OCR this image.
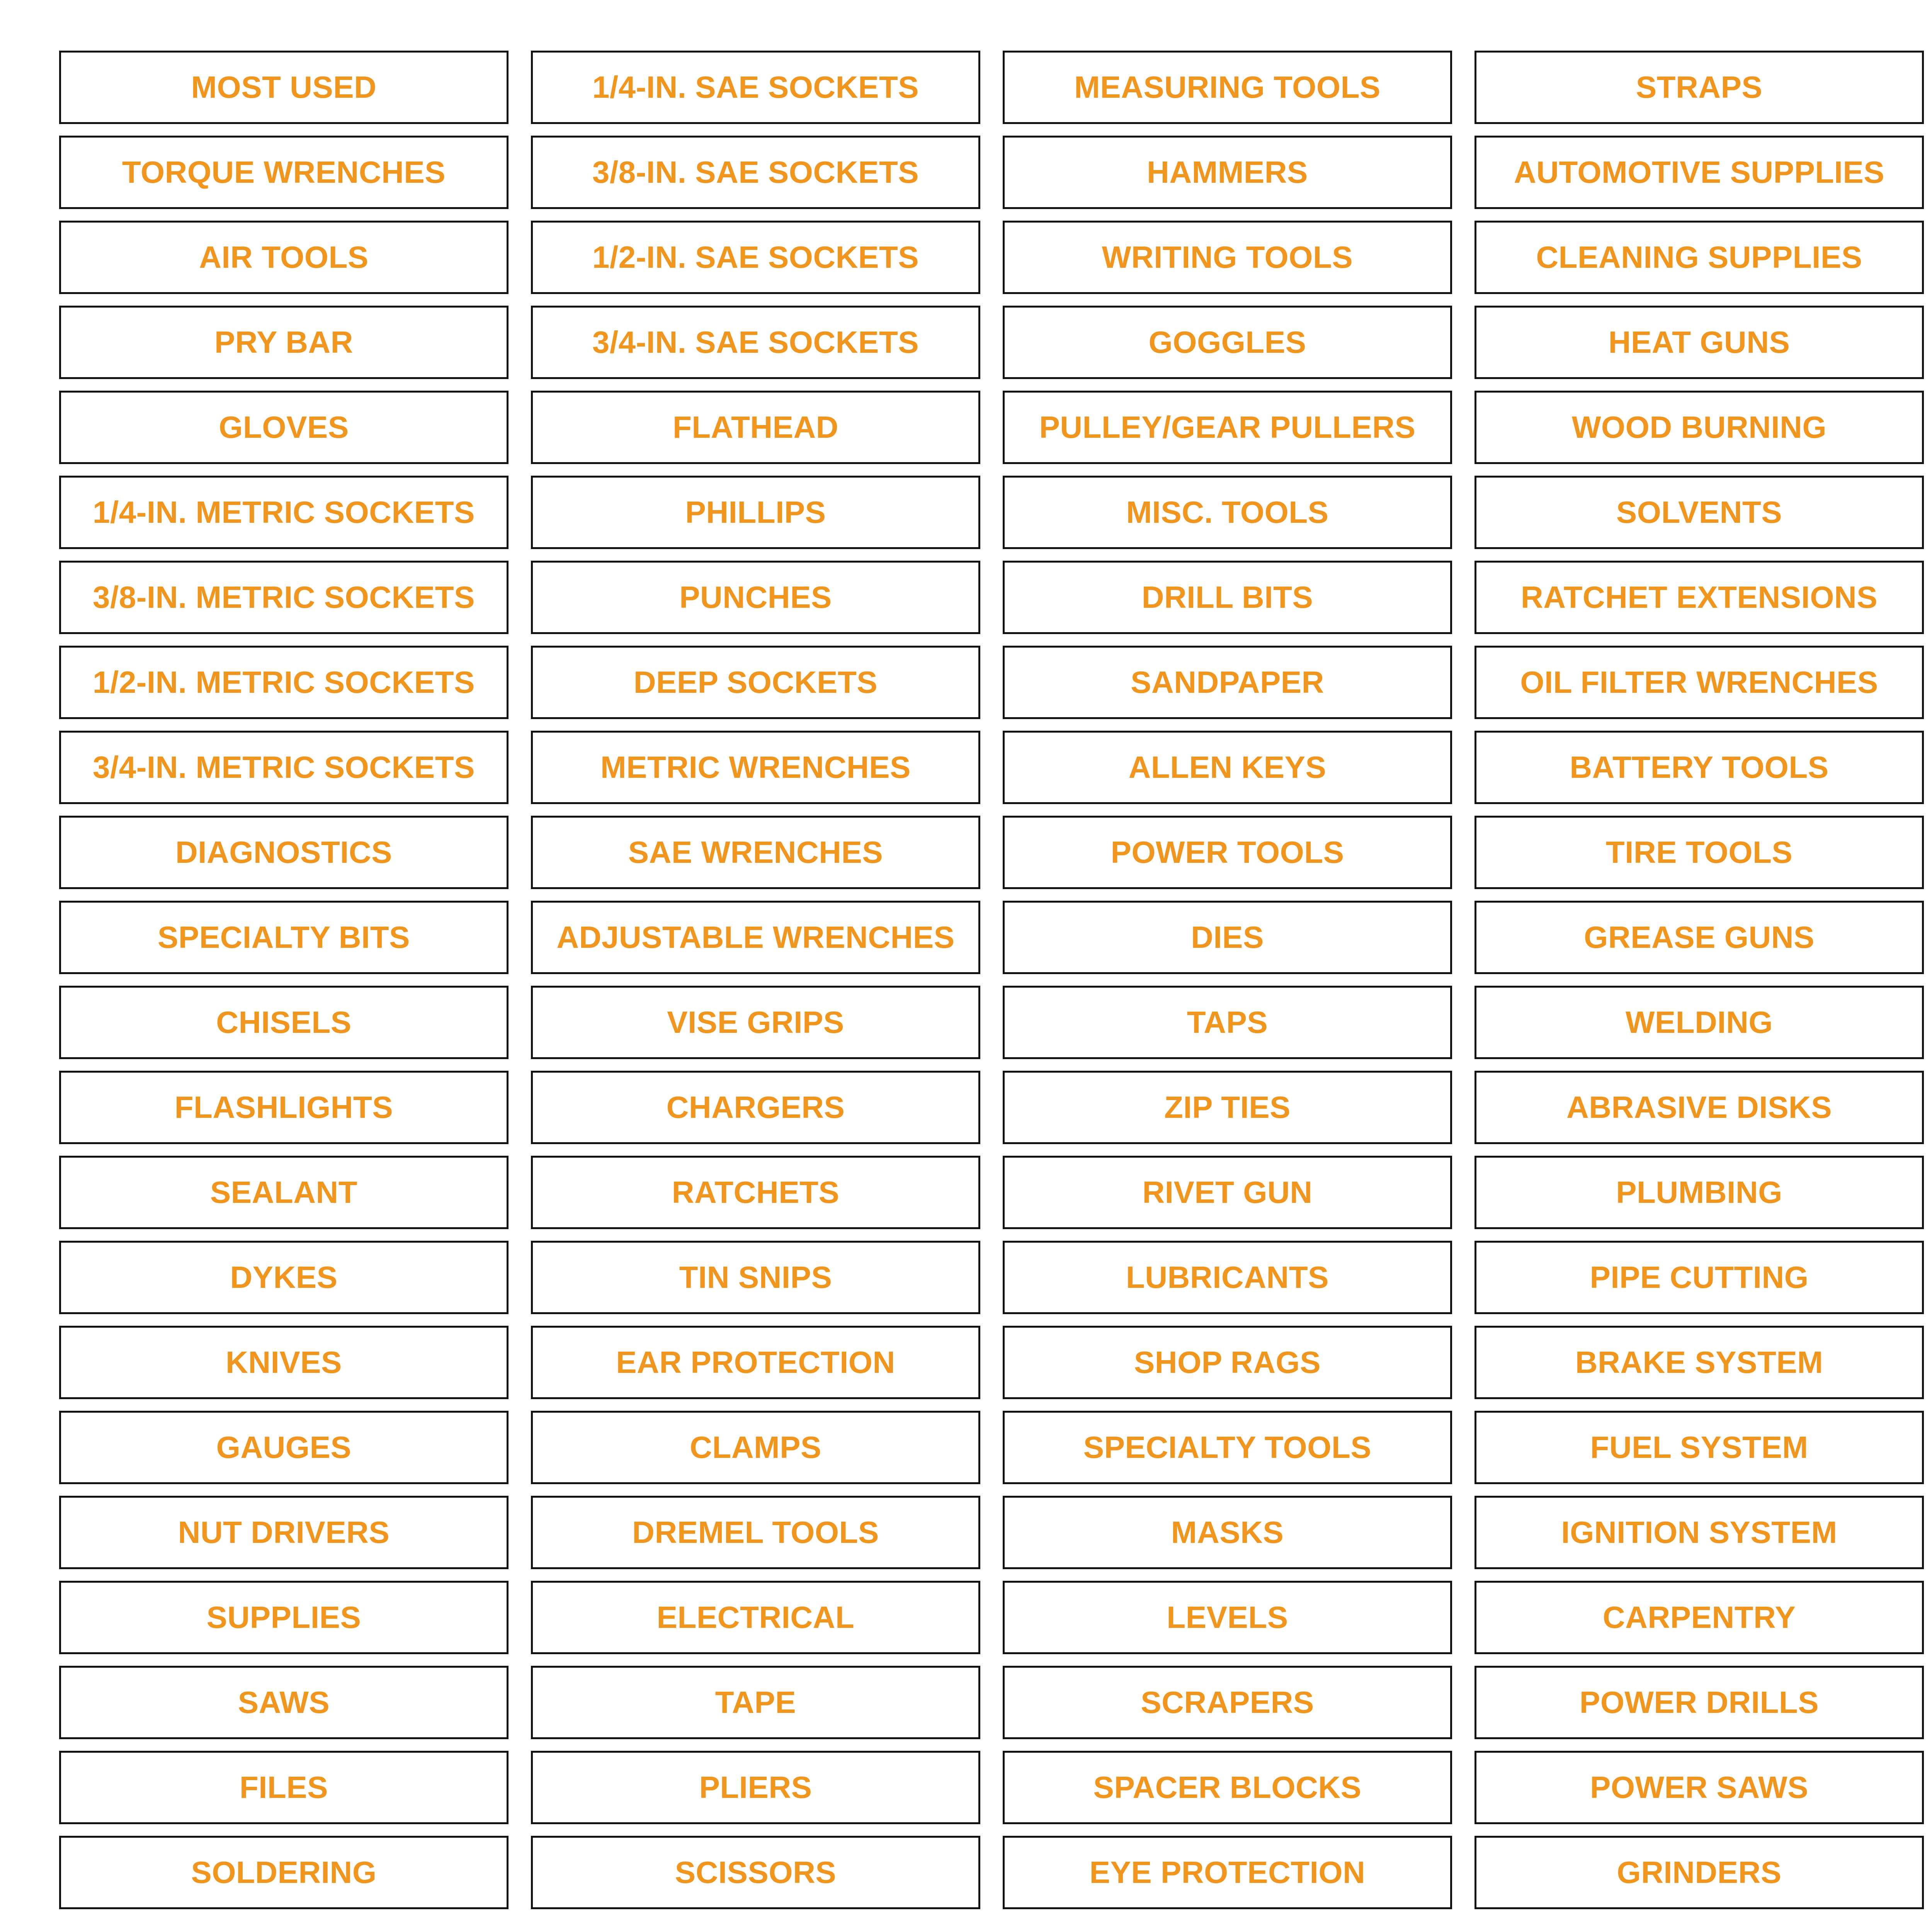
MOST USED
TORQUE WRENCHES
AIR TOOLS
PRY BAR
GLOVES
1/4-IN. METRIC SOCKETS
3/8-IN. METRIC SOCKETS
1/2-IN. METRIC SOCKETS
3/4-IN. METRIC SOCKETS
DIAGNOSTICS
SPECIALTY BITS
CHISELS
FLASHLIGHTS
SEALANT
DYKES
KNIVES
GAUGES
NUT DRIVERS
SUPPLIES
SAWS
FILES
SOLDERING
1/4-IN. SAE SOCKETS
3/8-IN. SAE SOCKETS
1/2-IN. SAE SOCKETS
3/4-IN. SAE SOCKETS
FLATHEAD
PHILLIPS
PUNCHES
DEEP SOCKETS
METRIC WRENCHES
SAE WRENCHES
ADJUSTABLE WRENCHES
VISE GRIPS
CHARGERS
RATCHETS
TIN SNIPS
EAR PROTECTION
CLAMPS
DREMEL TOOLS
ELECTRICAL
TAPE
PLIERS
SCISSORS
MEASURING TOOLS
HAMMERS
WRITING TOOLS
GOGGLES
PULLEY/GEAR PULLERS
MISC. TOOLS
DRILL BITS
SANDPAPER
ALLEN KEYS
POWER TOOLS
DIES
TAPS
ZIP TIES
RIVET GUN
LUBRICANTS
SHOP RAGS
SPECIALTY TOOLS
MASKS
LEVELS
SCRAPERS
SPACER BLOCKS
EYE PROTECTION
STRAPS
AUTOMOTIVE SUPPLIES
CLEANING SUPPLIES
HEAT GUNS
WOOD BURNING
SOLVENTS
RATCHET EXTENSIONS
OIL FILTER WRENCHES
BATTERY TOOLS
TIRE TOOLS
GREASE GUNS
WELDING
ABRASIVE DISKS
PLUMBING
PIPE CUTTING
BRAKE SYSTEM
FUEL SYSTEM
IGNITION SYSTEM
CARPENTRY
POWER DRILLS
POWER SAWS
GRINDERS
